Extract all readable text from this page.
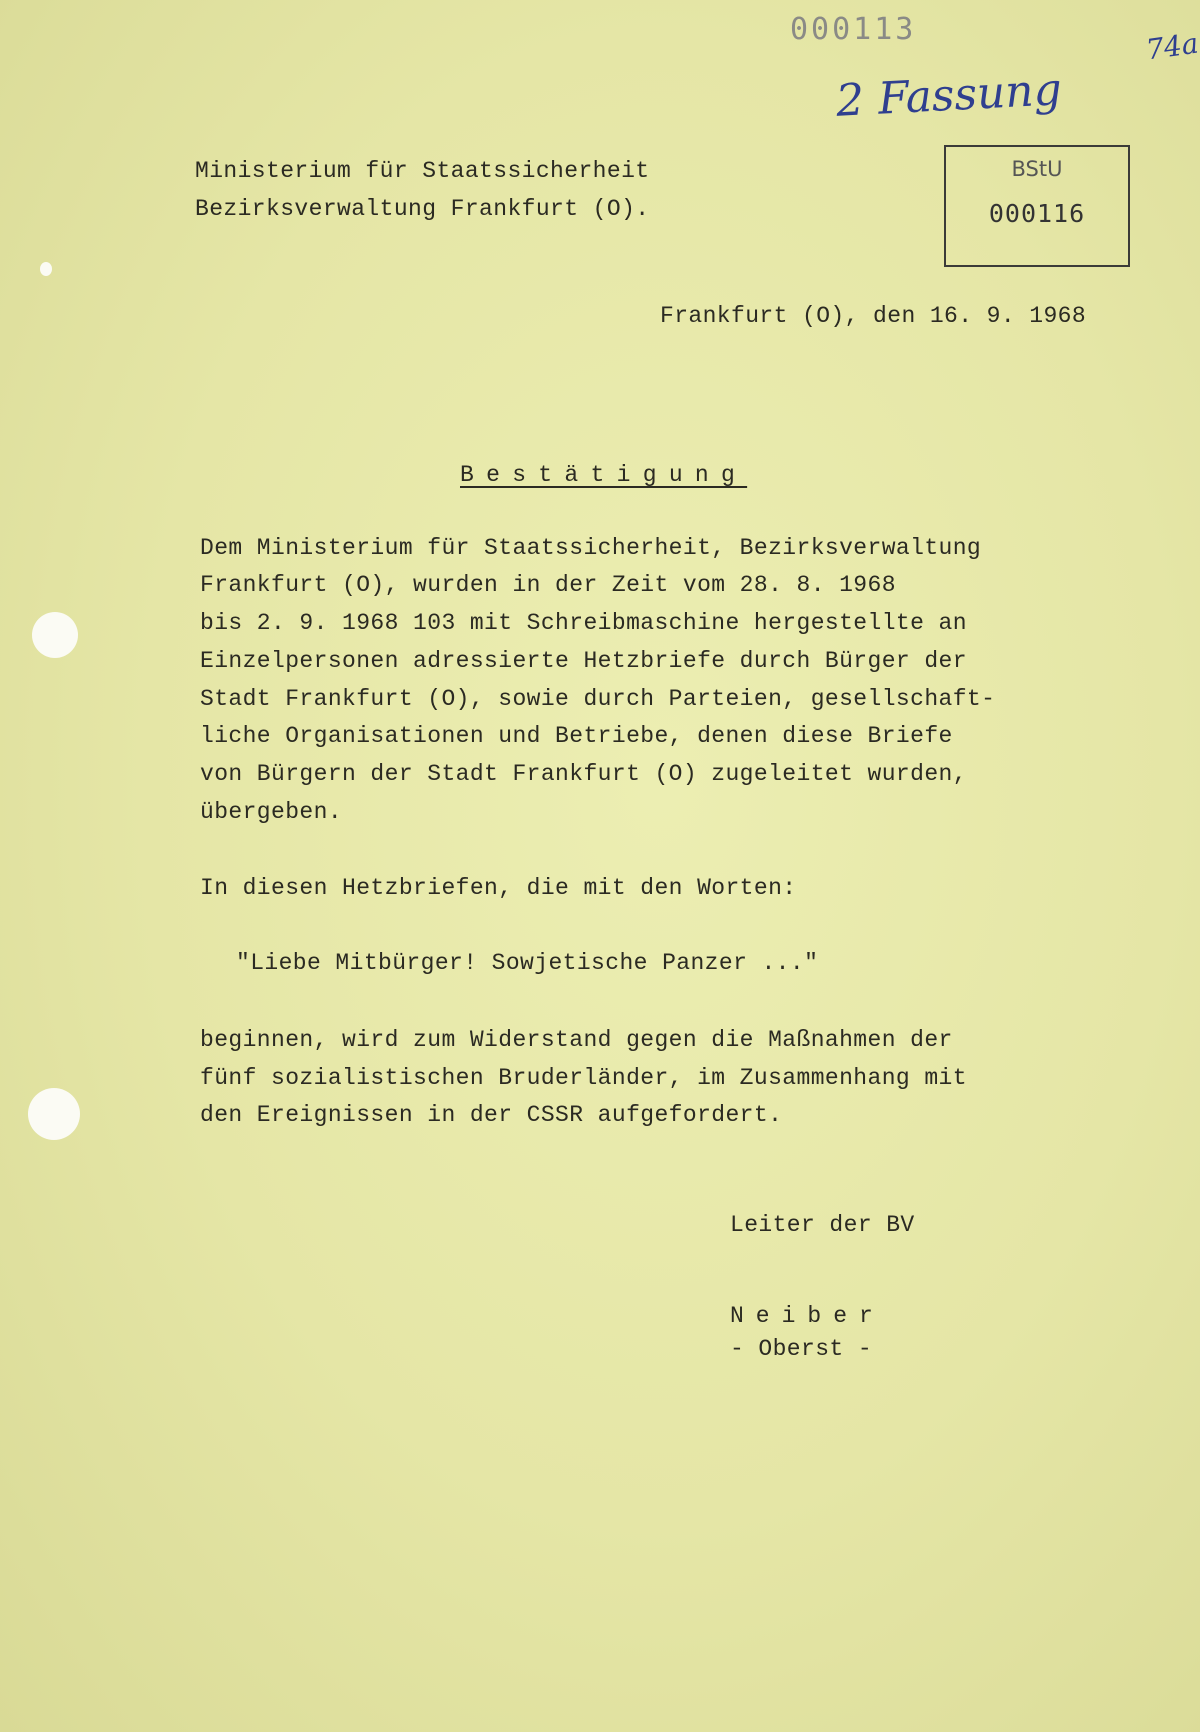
000113
2 Fassung
74a
BStU
000116
Ministerium für Staatssicherheit
Bezirksverwaltung Frankfurt (O).
Frankfurt (O), den 16. 9. 1968
Bestätigung
Dem Ministerium für Staatssicherheit, Bezirksverwaltung
Frankfurt (O), wurden in der Zeit vom 28. 8. 1968
bis 2. 9. 1968 103 mit Schreibmaschine hergestellte an
Einzelpersonen adressierte Hetzbriefe durch Bürger der
Stadt Frankfurt (O), sowie durch Parteien, gesellschaft-
liche Organisationen und Betriebe, denen diese Briefe
von Bürgern der Stadt Frankfurt (O) zugeleitet wurden,
übergeben.
In diesen Hetzbriefen, die mit den Worten:
"Liebe Mitbürger! Sowjetische Panzer ..."
beginnen, wird zum Widerstand gegen die Maßnahmen der
fünf sozialistischen Bruderländer, im Zusammenhang mit
den Ereignissen in der CSSR aufgefordert.
Leiter der BV
Neiber
- Oberst -
